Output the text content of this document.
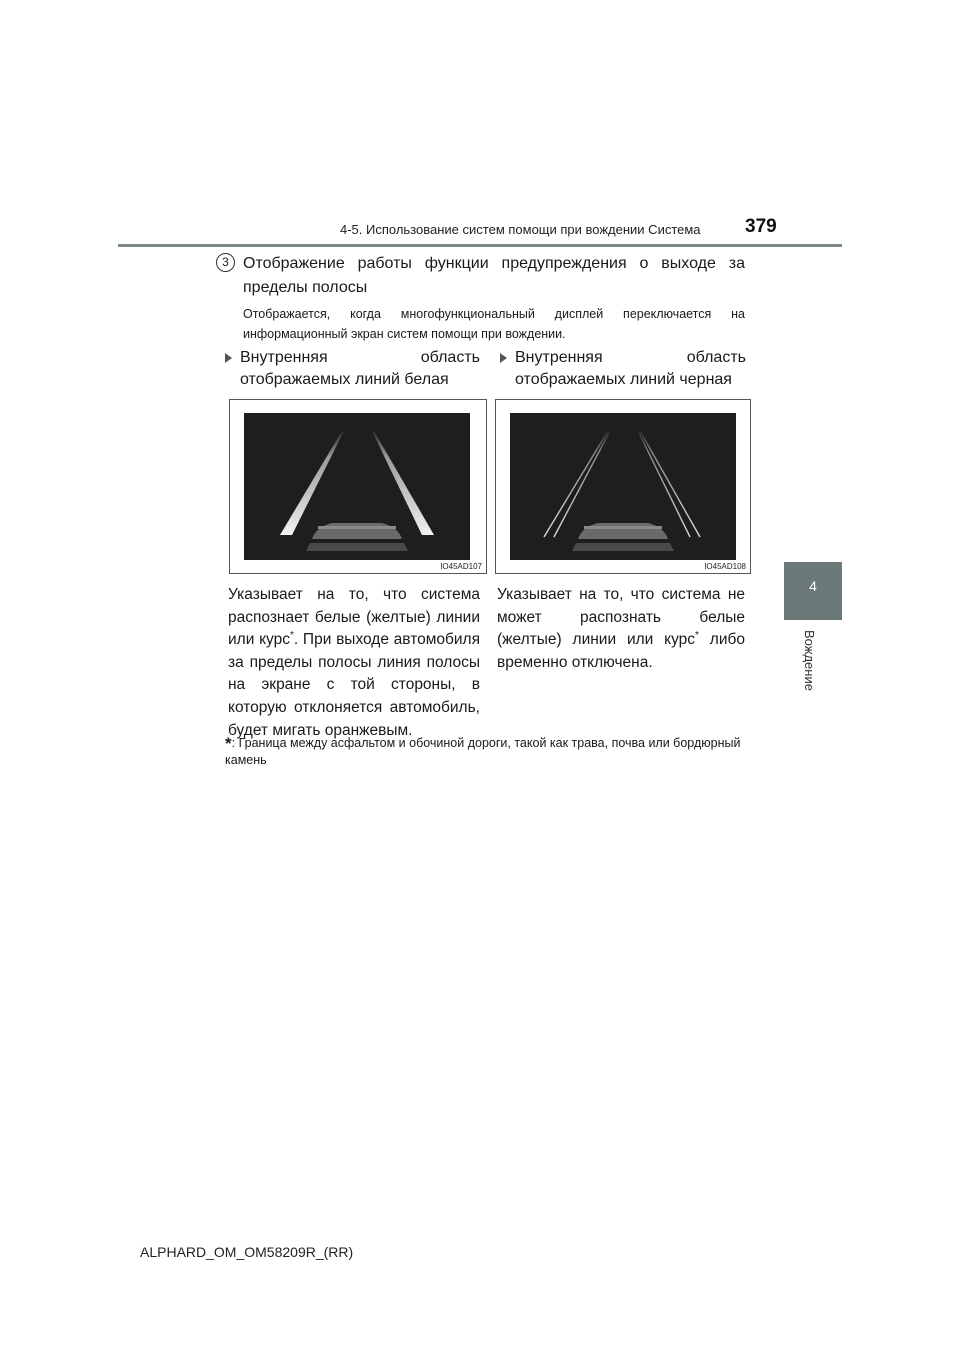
4-5. Использование систем помощи при вождении Система 379
4
Вождение
3 Отображение работы функции предупреждения о выходе за пределы полосы
Отображается, когда многофункциональный дисплей переключается на информационный экран систем помощи при вождении.
Внутренняя область отображаемых линий белая
Внутренняя область отображаемых линий черная
IO45AD107	IO45AD108
Указывает на то, что система распознает белые (желтые) линии или курс*. При выходе автомобиля за пределы полосы линия полосы на экране с той стороны, в которую отклоняется автомобиль, будет мигать оранжевым.
Указывает на то, что система не может распознать белые (желтые) линии или курс* либо временно отключена.
*: Граница между асфальтом и обочиной дороги, такой как трава, почва или бордюрный камень
ALPHARD_OM_OM58209R_(RR)
